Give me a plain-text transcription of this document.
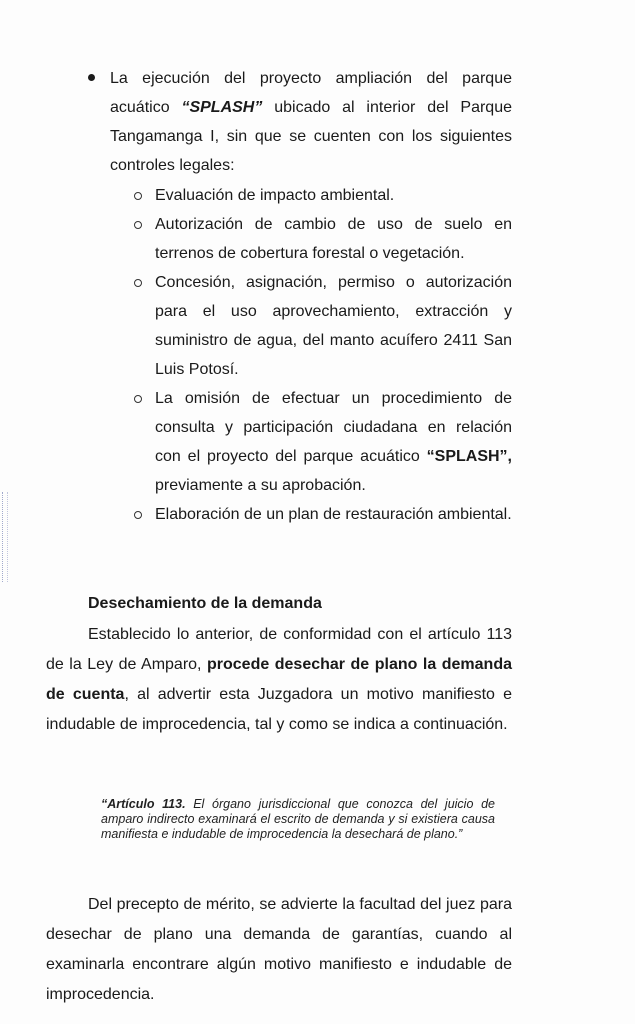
La ejecución del proyecto ampliación del parque acuático “SPLASH” ubicado al interior del Parque Tangamanga I, sin que se cuenten con los siguientes controles legales:
Evaluación de impacto ambiental.
Autorización de cambio de uso de suelo en terrenos de cobertura forestal o vegetación.
Concesión, asignación, permiso o autorización para el uso aprovechamiento, extracción y suministro de agua, del manto acuífero 2411 San Luis Potosí.
La omisión de efectuar un procedimiento de consulta y participación ciudadana en relación con el proyecto del parque acuático “SPLASH”, previamente a su aprobación.
Elaboración de un plan de restauración ambiental.
Desechamiento de la demanda
Establecido lo anterior, de conformidad con el artículo 113 de la Ley de Amparo, procede desechar de plano la demanda de cuenta, al advertir esta Juzgadora un motivo manifiesto e indudable de improcedencia, tal y como se indica a continuación.
“Artículo 113. El órgano jurisdiccional que conozca del juicio de amparo indirecto examinará el escrito de demanda y si existiera causa manifiesta e indudable de improcedencia la desechará de plano.”
Del precepto de mérito, se advierte la facultad del juez para desechar de plano una demanda de garantías, cuando al examinarla encontrare algún motivo manifiesto e indudable de improcedencia.
